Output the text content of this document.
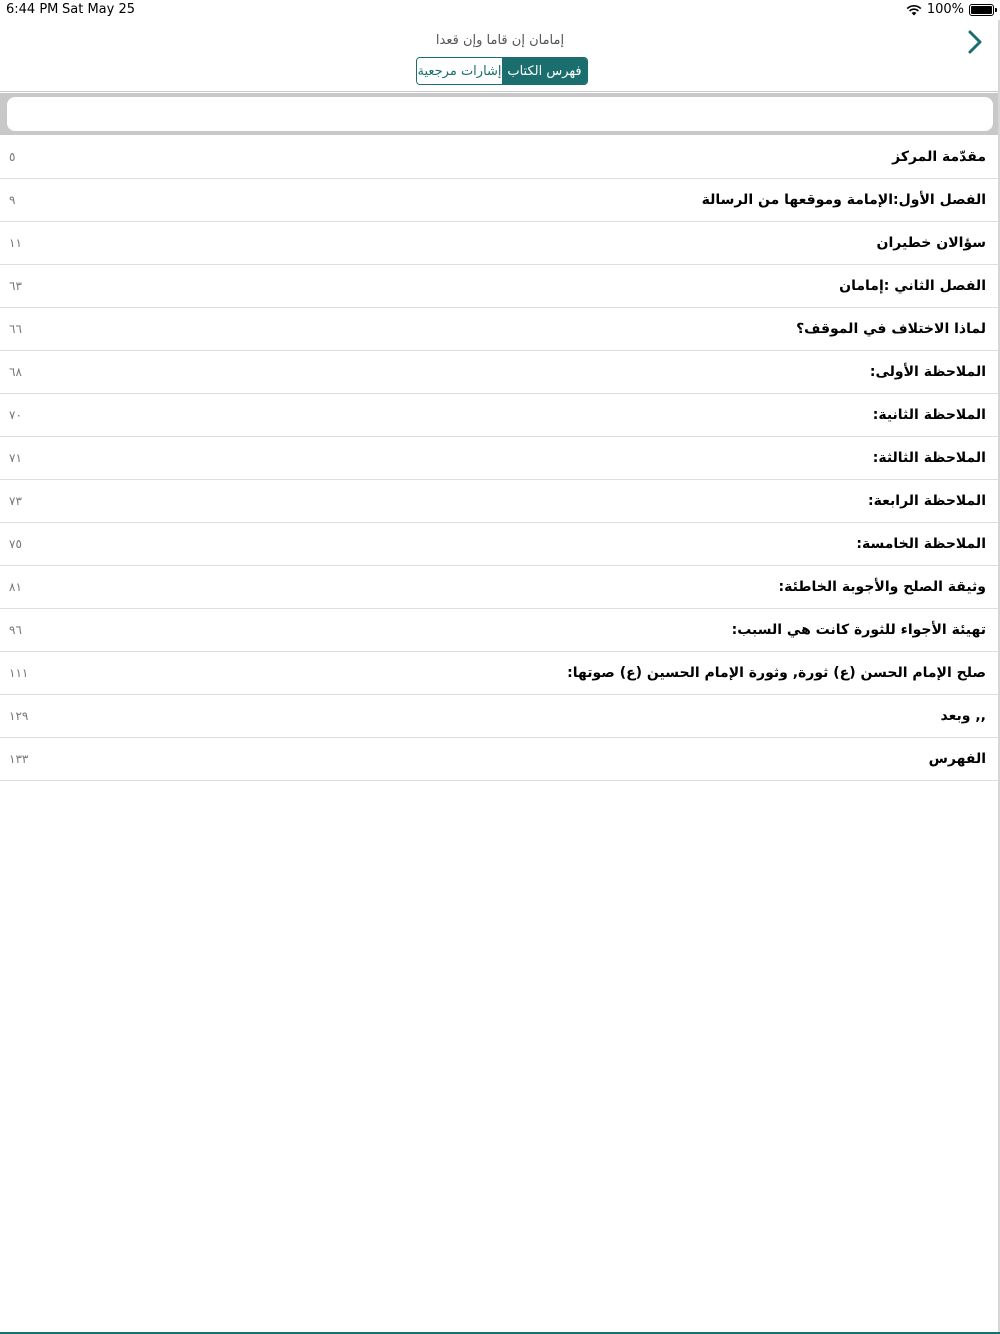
6:44 PM Sat May 25	100%
إمامان إن قاما وإن قعدا
فهرس الكتاب
إشارات مرجعية
مقدّمة المركز
٥
الفصل الأول:الإمامة وموقعها من الرسالة
٩
سؤالان خطيران
١١
الفصل الثاني :إمامان
٦٣
لماذا الاختلاف في الموقف؟
٦٦
الملاحظة الأولى:
٦٨
الملاحظة الثانية:
٧٠
الملاحظة الثالثة:
٧١
الملاحظة الرابعة:
٧٣
الملاحظة الخامسة:
٧٥
وثيقة الصلح والأجوبة الخاطئة:
٨١
تهيئة الأجواء للثورة كانت هي السبب:
٩٦
صلح الإمام الحسن (ع) ثورة, وثورة الإمام الحسين (ع) صوتها:
١١١
,, وبعد
١٢٩
الفهرس
١٣٣
